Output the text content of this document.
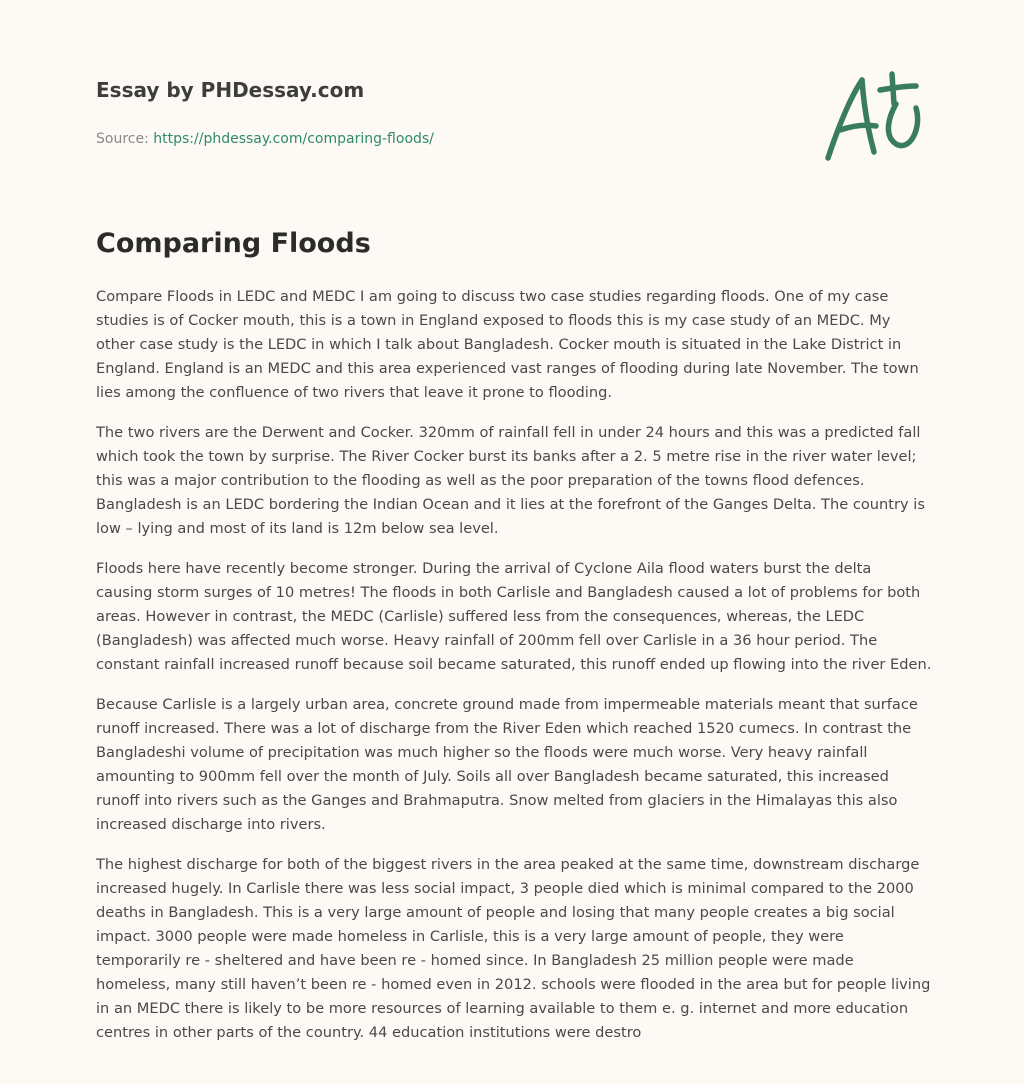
Essay by PHDessay.com
Source: https://phdessay.com/comparing-floods/
Comparing Floods

Compare Floods in LEDC and MEDC I am going to discuss two case studies regarding floods. One of my case studies is of Cocker mouth, this is a town in England exposed to floods this is my case study of an MEDC. My other case study is the LEDC in which I talk about Bangladesh. Cocker mouth is situated in the Lake District in England. England is an MEDC and this area experienced vast ranges of flooding during late November. The town lies among the confluence of two rivers that leave it prone to flooding.

The two rivers are the Derwent and Cocker. 320mm of rainfall fell in under 24 hours and this was a predicted fall which took the town by surprise. The River Cocker burst its banks after a 2. 5 metre rise in the river water level; this was a major contribution to the flooding as well as the poor preparation of the towns flood defences. Bangladesh is an LEDC bordering the Indian Ocean and it lies at the forefront of the Ganges Delta. The country is low – lying and most of its land is 12m below sea level.

Floods here have recently become stronger. During the arrival of Cyclone Aila flood waters burst the delta causing storm surges of 10 metres! The floods in both Carlisle and Bangladesh caused a lot of problems for both areas. However in contrast, the MEDC (Carlisle) suffered less from the consequences, whereas, the LEDC (Bangladesh) was affected much worse. Heavy rainfall of 200mm fell over Carlisle in a 36 hour period. The constant rainfall increased runoff because soil became saturated, this runoff ended up flowing into the river Eden.

Because Carlisle is a largely urban area, concrete ground made from impermeable materials meant that surface runoff increased. There was a lot of discharge from the River Eden which reached 1520 cumecs. In contrast the Bangladeshi volume of precipitation was much higher so the floods were much worse. Very heavy rainfall amounting to 900mm fell over the month of July. Soils all over Bangladesh became saturated, this increased runoff into rivers such as the Ganges and Brahmaputra. Snow melted from glaciers in the Himalayas this also increased discharge into rivers.

The highest discharge for both of the biggest rivers in the area peaked at the same time, downstream discharge increased hugely. In Carlisle there was less social impact, 3 people died which is minimal compared to the 2000 deaths in Bangladesh. This is a very large amount of people and losing that many people creates a big social impact. 3000 people were made homeless in Carlisle, this is a very large amount of people, they were temporarily re - sheltered and have been re - homed since. In Bangladesh 25 million people were made homeless, many still haven’t been re - homed even in 2012. schools were flooded in the area but for people living in an MEDC there is likely to be more resources of learning available to them e. g. internet and more education centres in other parts of the country. 44 education institutions were destro
